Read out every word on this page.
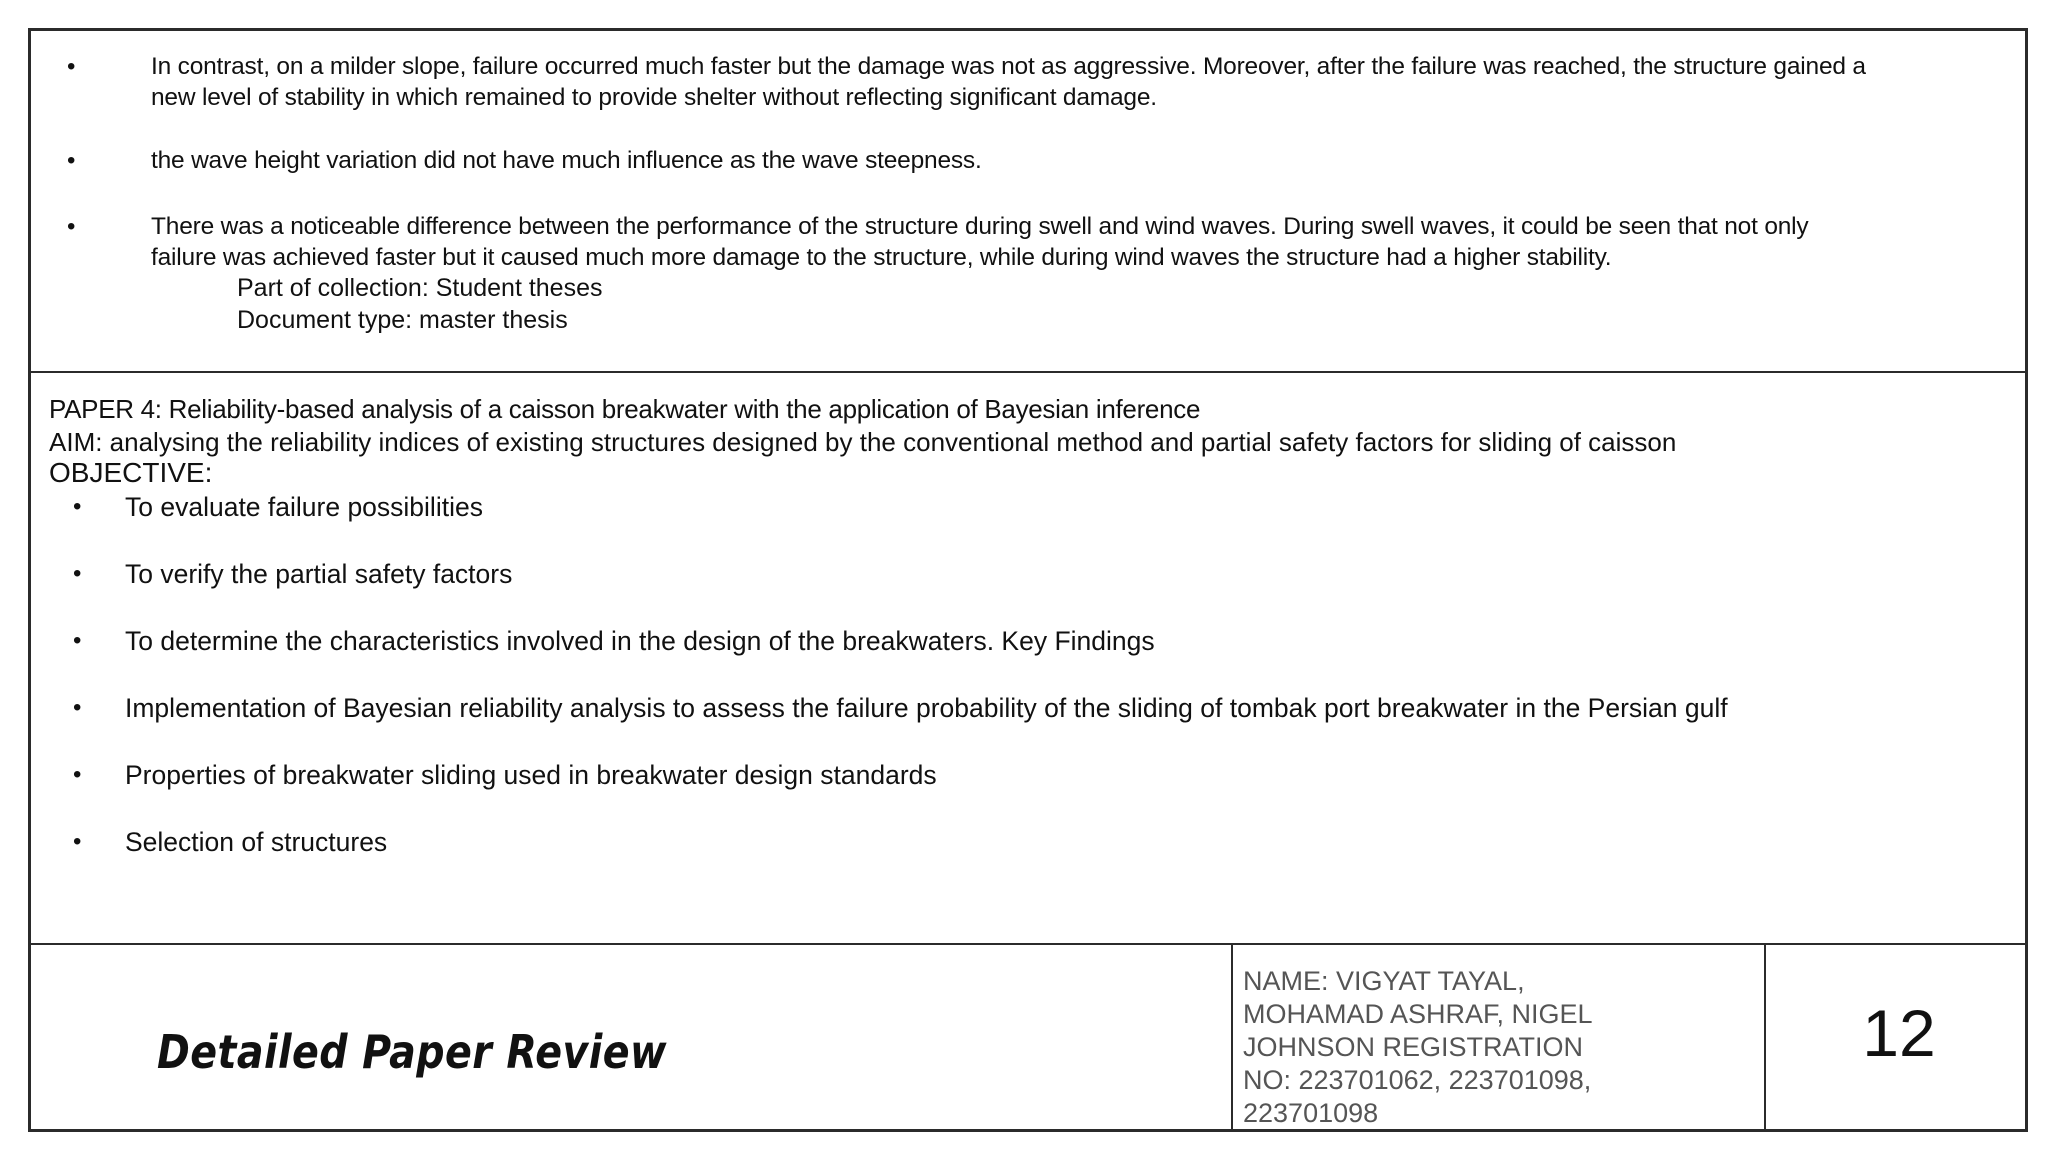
•	In contrast, on a milder slope, failure occurred much faster but the damage was not as aggressive. Moreover, after the failure was reached, the structure gained a
new level of stability in which remained to provide shelter without reflecting significant damage.
•	the wave height variation did not have much influence as the wave steepness.
•	There was a noticeable difference between the performance of the structure during swell and wind waves. During swell waves, it could be seen that not only
failure was achieved faster but it caused much more damage to the structure, while during wind waves the structure had a higher stability.
Part of collection: Student theses
Document type: master thesis
PAPER 4: Reliability-based analysis of a caisson breakwater with the application of Bayesian inference
AIM: analysing the reliability indices of existing structures designed by the conventional method and partial safety factors for sliding of caisson
OBJECTIVE:
• To evaluate failure possibilities
• To verify the partial safety factors
• To determine the characteristics involved in the design of the breakwaters. Key Findings
• Implementation of Bayesian reliability analysis to assess the failure probability of the sliding of tombak port breakwater in the Persian gulf
• Properties of breakwater sliding used in breakwater design standards
• Selection of structures
Detailed Paper Review
NAME: VIGYAT TAYAL,
MOHAMAD ASHRAF, NIGEL
JOHNSON REGISTRATION
NO: 223701062, 223701098,
223701098
12
